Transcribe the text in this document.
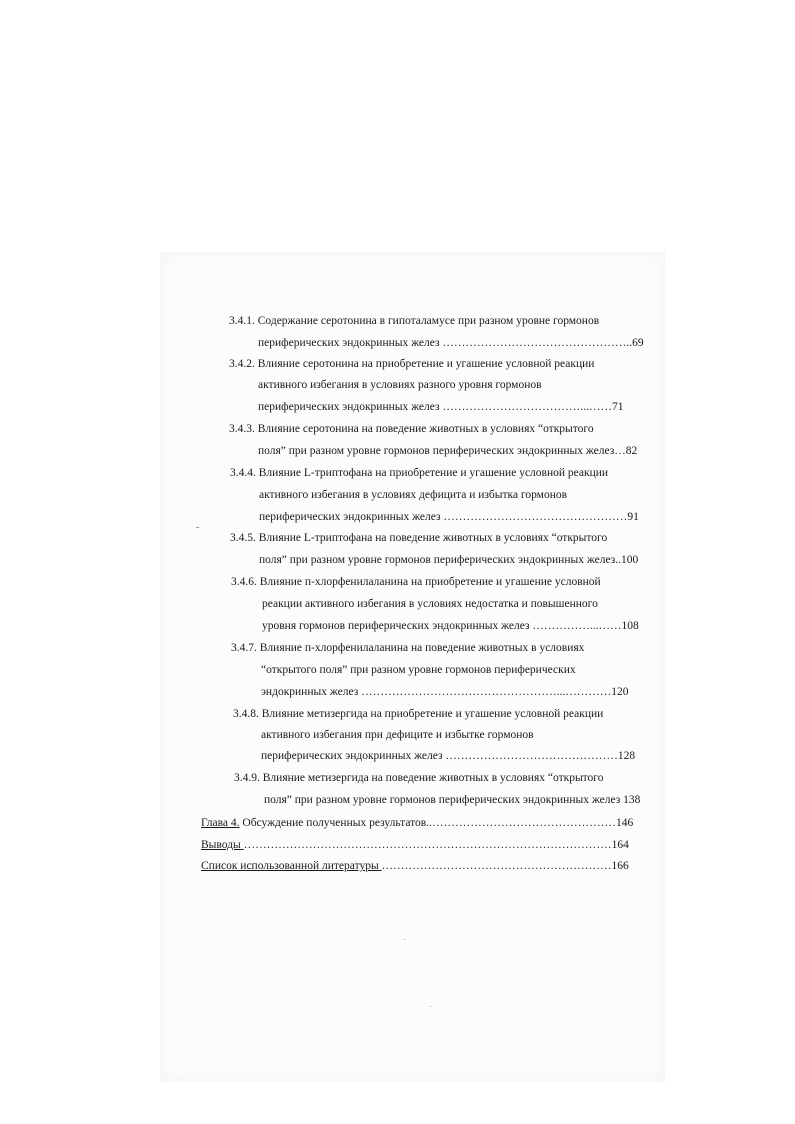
3.4.1. Содержание серотонина в гипоталамусе при разном уровне гормонов
периферических эндокринных желез …………………………………………..69
3.4.2. Влияние серотонина на приобретение и угашение условной реакции
активного избегания в условиях разного уровня гормонов
периферических эндокринных желез ………………………………...……71
3.4.3. Влияние серотонина на поведение животных в условиях “открытого
поля” при разном уровне гормонов периферических эндокринных желез…82
3.4.4. Влияние L-триптофана на приобретение и угашение условной реакции
активного избегания в условиях дефицита и избытка гормонов
периферических эндокринных желез …………………………………………91
3.4.5. Влияние L-триптофана на поведение животных в условиях “открытого
поля” при разном уровне гормонов периферических эндокринных желез..100
3.4.6. Влияние п-хлорфенилаланина на приобретение и угашение условной
реакции активного избегания в условиях недостатка и повышенного
уровня гормонов периферических эндокринных желез ……………...……108
3.4.7. Влияние п-хлорфенилаланина на поведение животных в условиях
“открытого поля” при разном уровне гормонов периферических
эндокринных желез ……………………………………………...…………120
3.4.8. Влияние метизергида на приобретение и угашение условной реакции
активного избегания при дефиците и избытке гормонов
периферических эндокринных желез ………………………………………128
3.4.9. Влияние метизергида на поведение животных в условиях “открытого
поля” при разном уровне гормонов периферических эндокринных желез 138
Глава 4. Обсуждение полученных результатов..…………………………………………146
Выводы ……………………………………………………………………………………164
Список использованной литературы ……………………………………………………166
